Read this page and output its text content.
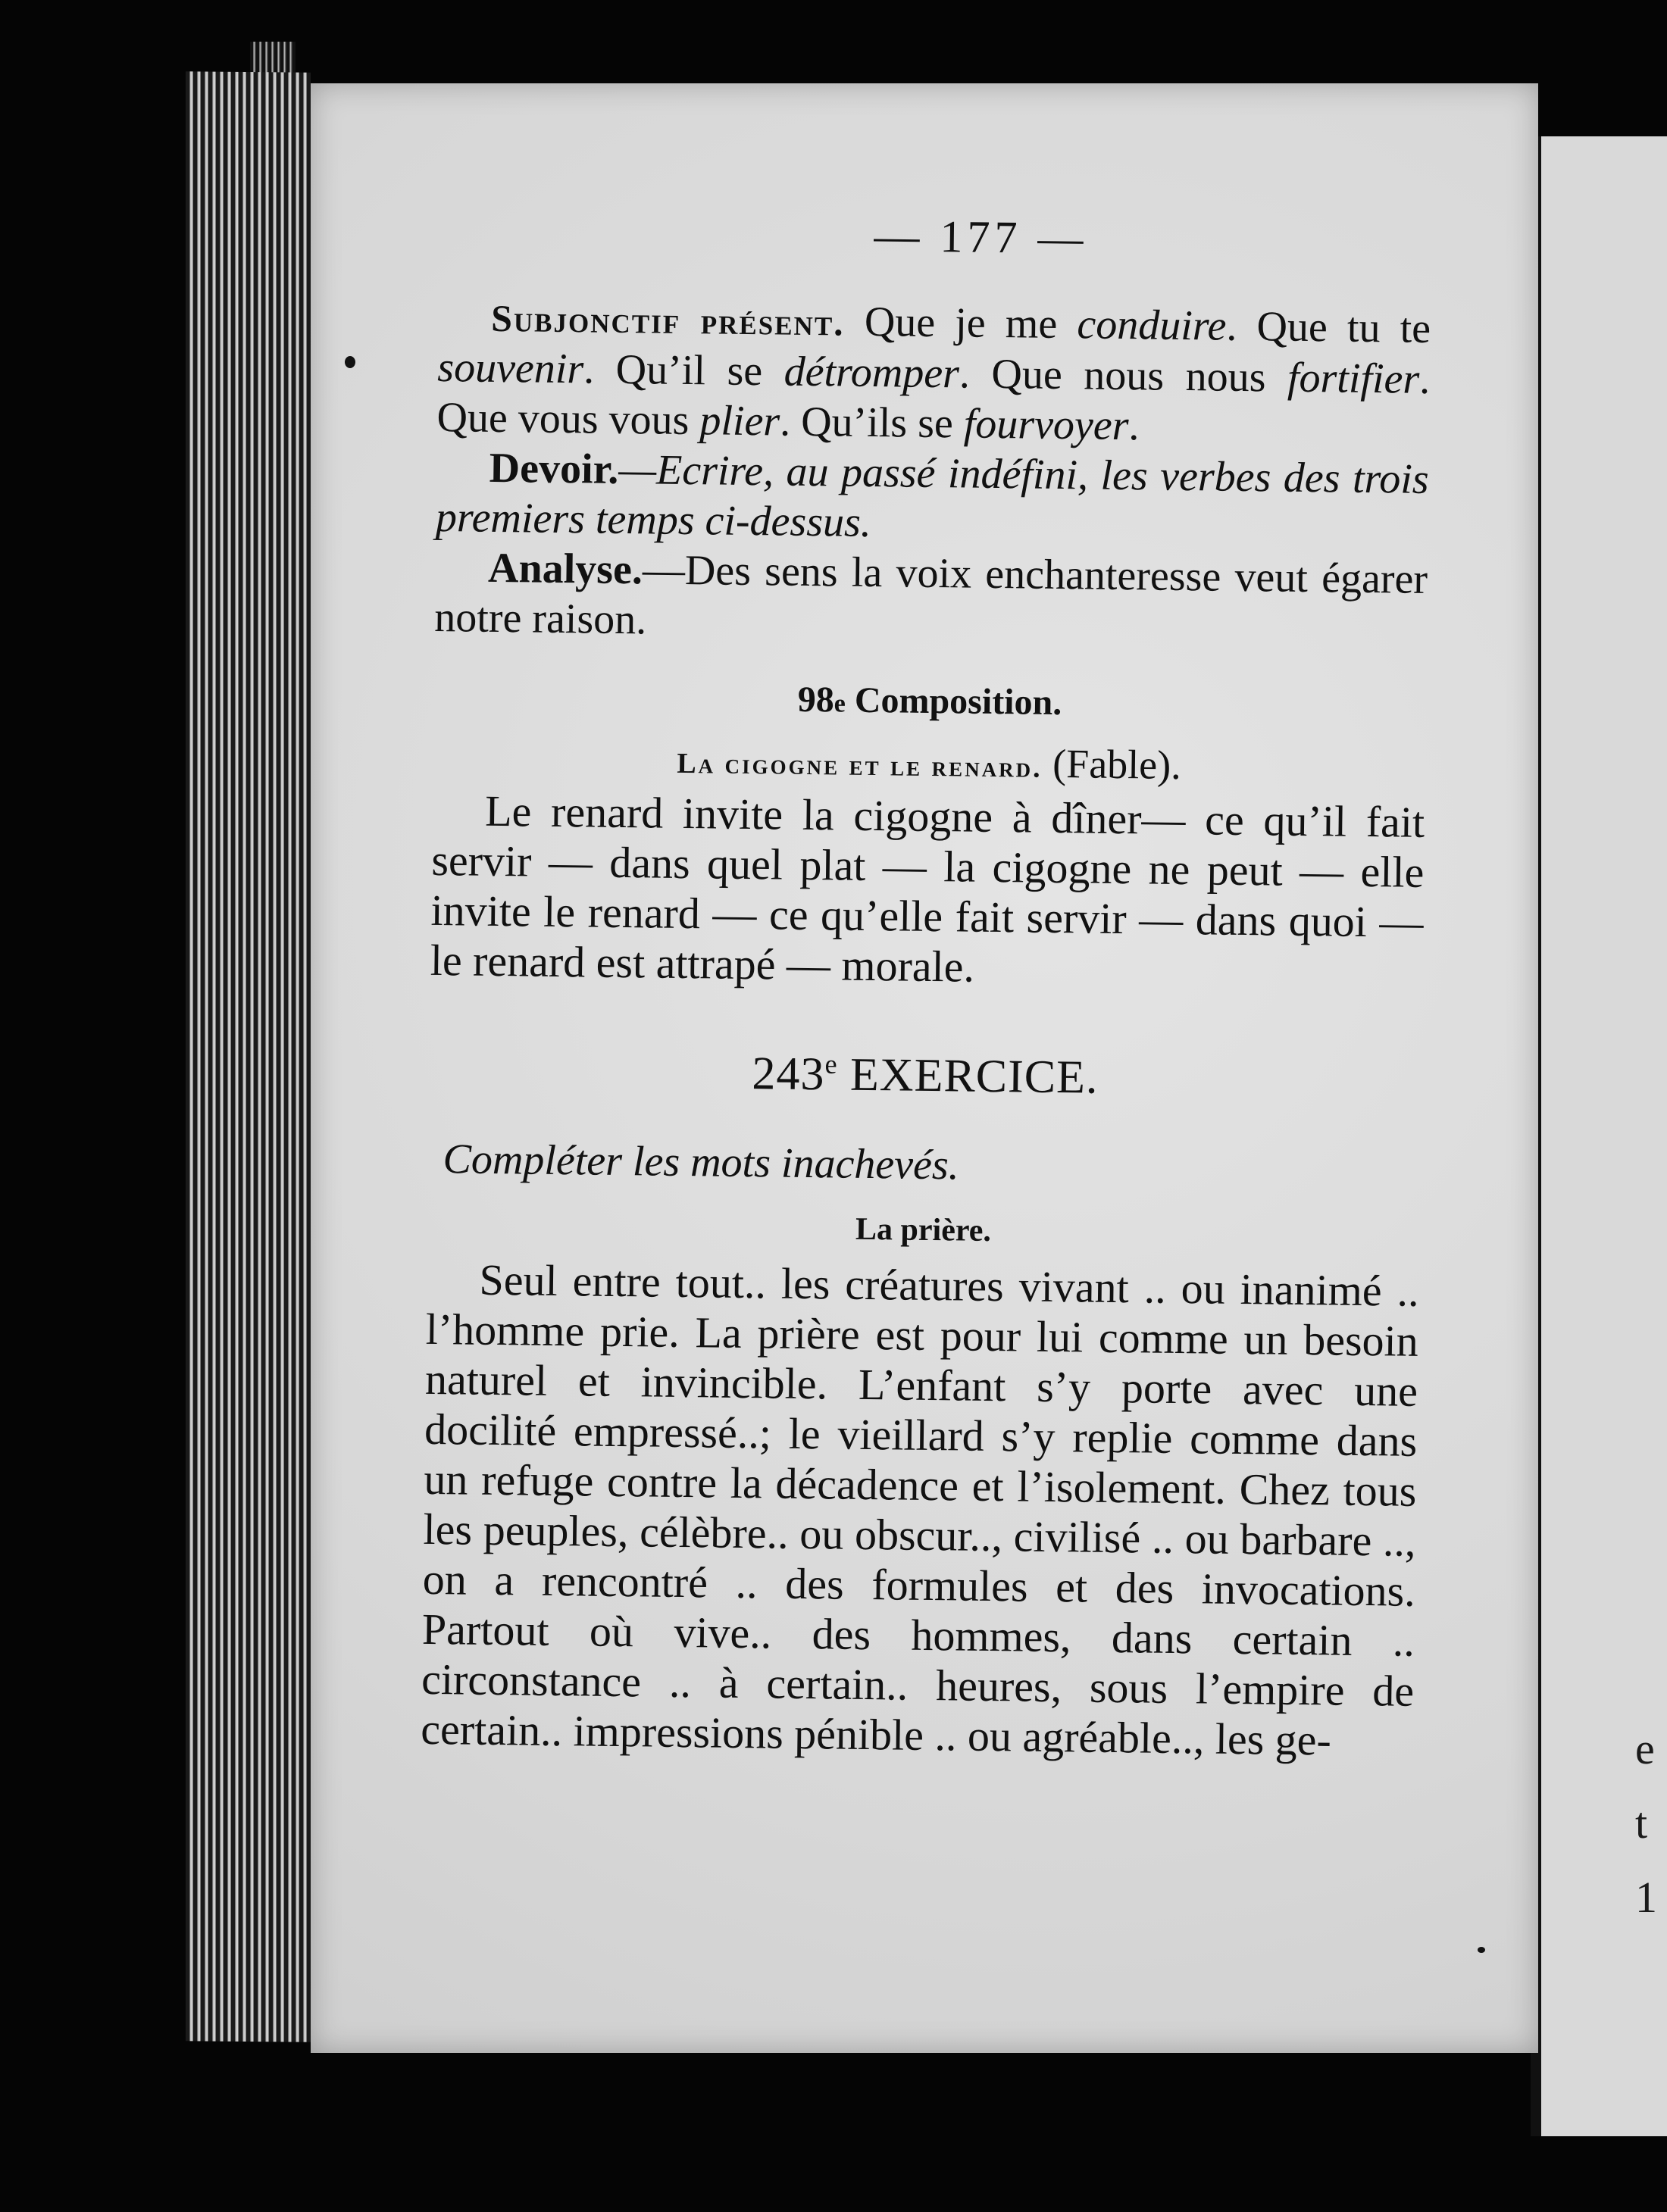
e
t
1
— 177 —

Subjonctif présent. Que je me conduire. Que tu te souvenir. Qu’il se détromper. Que nous nous fortifier. Que vous vous plier. Qu’ils se fourvoyer.

Devoir.—Ecrire, au passé indéfini, les verbes des trois premiers temps ci-dessus.

Analyse.—Des sens la voix enchanteresse veut égarer notre raison.

98e Composition.
La cigogne et le renard. (Fable).

Le renard invite la cigogne à dîner— ce qu’il fait servir — dans quel plat — la cigogne ne peut — elle invite le renard — ce qu’elle fait servir — dans quoi — le renard est attrapé — morale.

243e EXERCICE.
Compléter les mots inachevés.
La prière.

Seul entre tout.. les créatures vivant .. ou inanimé .. l’homme prie. La prière est pour lui comme un besoin naturel et invincible. L’enfant s’y porte avec une docilité empressé..; le vieillard s’y replie comme dans un refuge contre la décadence et l’isolement. Chez tous les peuples, célèbre.. ou obscur.., civilisé .. ou barbare .., on a rencontré .. des formules et des invocations. Partout où vive.. des hommes, dans certain .. circonstance .. à certain.. heures, sous l’empire de certain.. impressions pénible .. ou agréable.., les ge-
